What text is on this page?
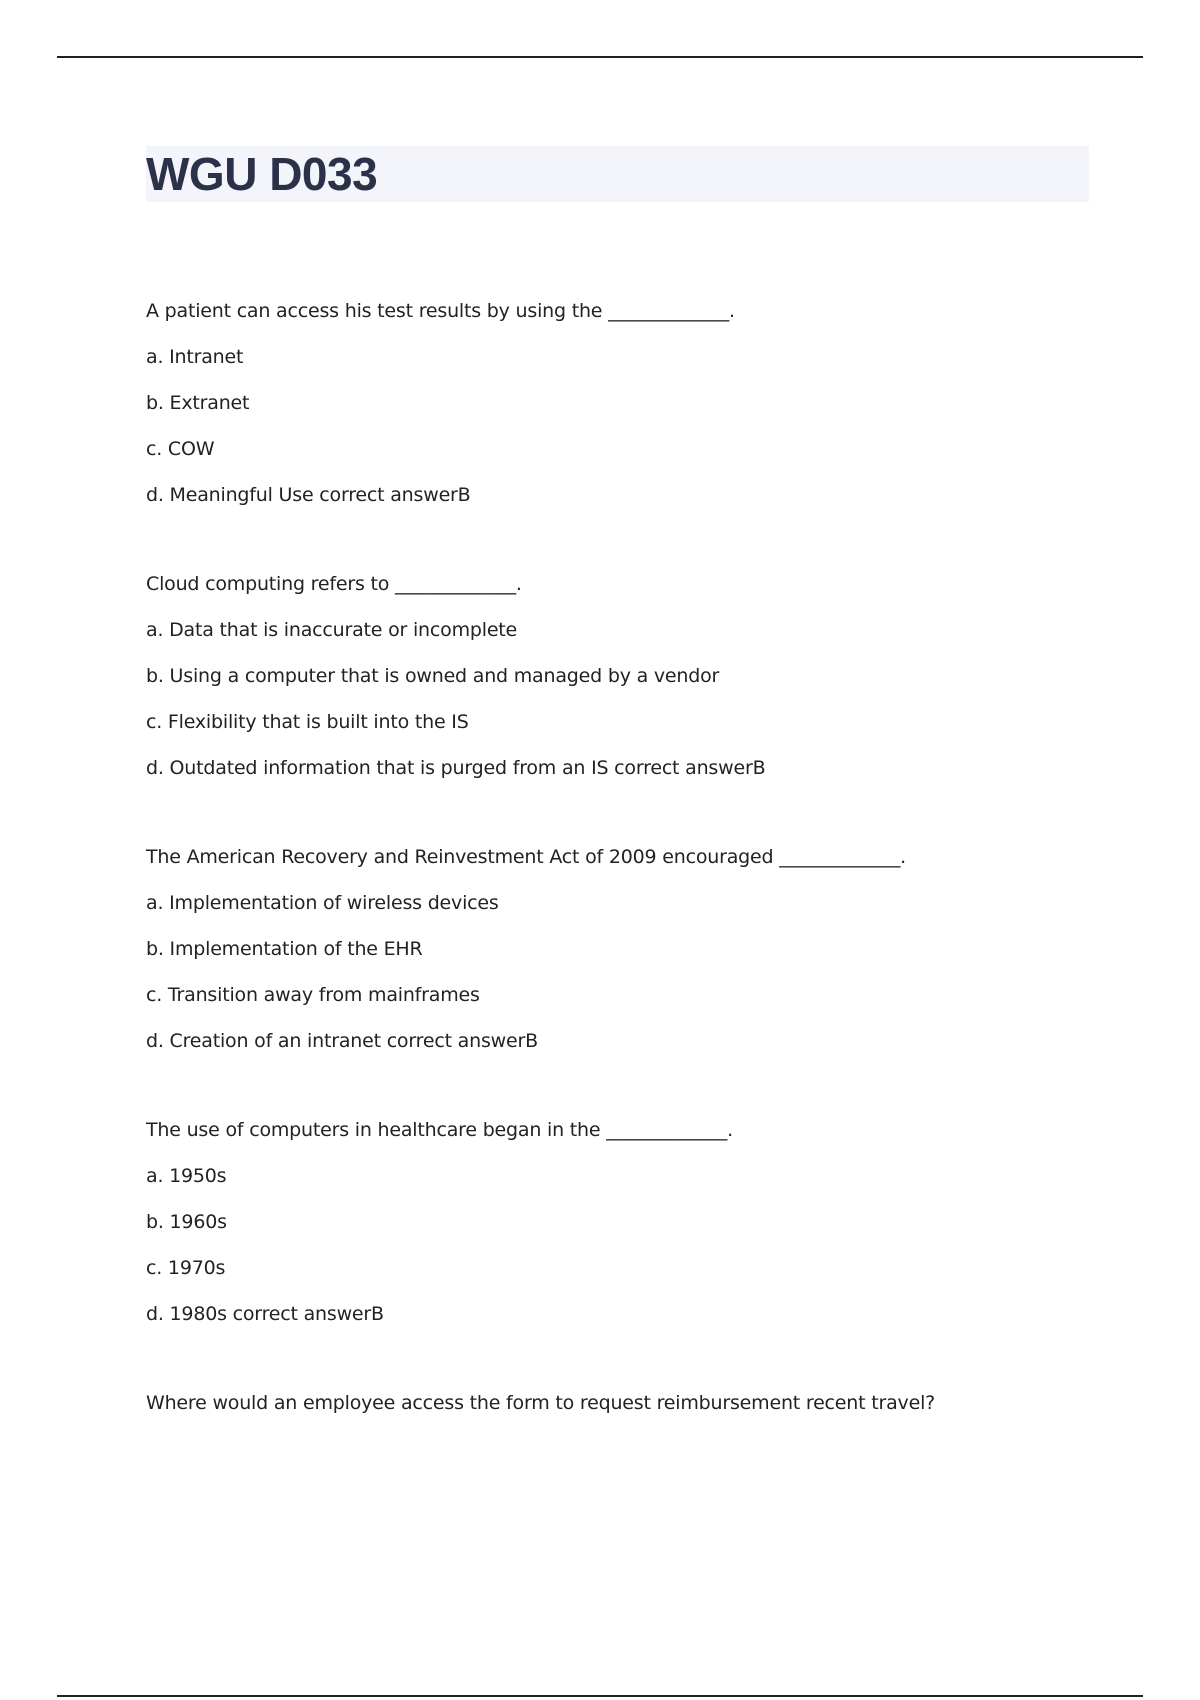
WGU D033
A patient can access his test results by using the _____________.
a. Intranet
b. Extranet
c. COW
d. Meaningful Use correct answerB
Cloud computing refers to _____________.
a. Data that is inaccurate or incomplete
b. Using a computer that is owned and managed by a vendor
c. Flexibility that is built into the IS
d. Outdated information that is purged from an IS correct answerB
The American Recovery and Reinvestment Act of 2009 encouraged _____________.
a. Implementation of wireless devices
b. Implementation of the EHR
c. Transition away from mainframes
d. Creation of an intranet correct answerB
The use of computers in healthcare began in the _____________.
a. 1950s
b. 1960s
c. 1970s
d. 1980s correct answerB
Where would an employee access the form to request reimbursement recent travel?
